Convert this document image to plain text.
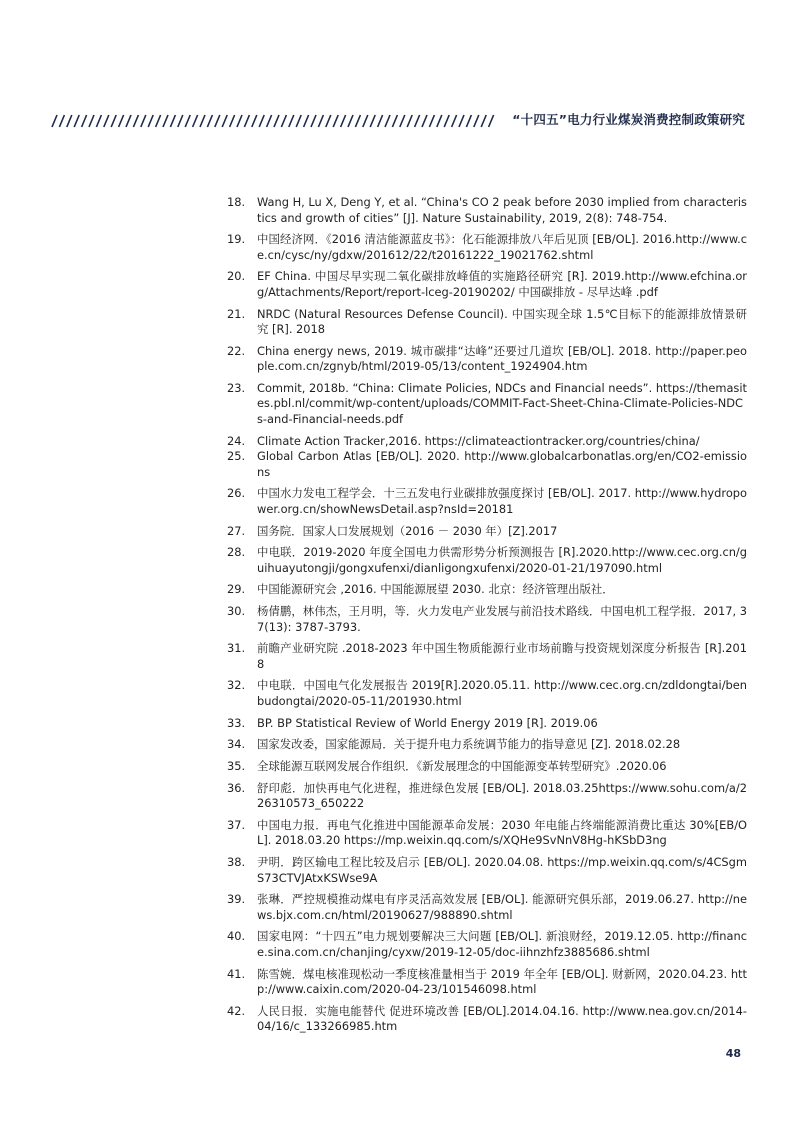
“十四五”电力行业煤炭消费控制政策研究
18.	Wang H, Lu X, Deng Y, et al. “China's CO 2 peak before 2030 implied from characteristics and growth of cities” [J]. Nature Sustainability, 2019, 2(8): 748-754.
19.	中国经济网．《2016 清洁能源蓝皮书》：化石能源排放八年后见顶 [EB/OL]. 2016.http://www.ce.cn/cysc/ny/gdxw/201612/22/t20161222_19021762.shtml
20.	EF China. 中国尽早实现二氧化碳排放峰值的实施路径研究 [R]. 2019.http://www.efchina.org/Attachments/Report/report-lceg-20190202/ 中国碳排放 - 尽早达峰 .pdf
21.	NRDC (Natural Resources Defense Council). 中国实现全球 1.5℃目标下的能源排放情景研究 [R]. 2018
22.	China energy news, 2019. 城市碳排“达峰”还要过几道坎 [EB/OL]. 2018. http://paper.people.com.cn/zgnyb/html/2019-05/13/content_1924904.htm
23.	Commit, 2018b. “China: Climate Policies, NDCs and Financial needs”. https://themasites.pbl.nl/commit/wp-content/uploads/COMMIT-Fact-Sheet-China-Climate-Policies-NDCs-and-Financial-needs.pdf
24.	Climate Action Tracker,2016. https://climateactiontracker.org/countries/china/
25.	Global Carbon Atlas [EB/OL]. 2020. http://www.globalcarbonatlas.org/en/CO2-emissions
26.	中国水力发电工程学会．十三五发电行业碳排放强度探讨 [EB/OL]. 2017. http://www.hydropower.org.cn/showNewsDetail.asp?nsId=20181
27.	国务院．国家人口发展规划（2016 － 2030 年）[Z].2017
28.	中电联．2019-2020 年度全国电力供需形势分析预测报告 [R].2020.http://www.cec.org.cn/guihuayutongji/gongxufenxi/dianligongxufenxi/2020-01-21/197090.html
29.	中国能源研究会 ,2016. 中国能源展望 2030. 北京：经济管理出版社．
30.	杨倩鹏，林伟杰，王月明，等．火力发电产业发展与前沿技术路线．中国电机工程学报．2017, 37(13): 3787-3793.
31.	前瞻产业研究院 .2018-2023 年中国生物质能源行业市场前瞻与投资规划深度分析报告 [R].2018
32.	中电联．中国电气化发展报告 2019[R].2020.05.11. http://www.cec.org.cn/zdldongtai/benbudongtai/2020-05-11/201930.html
33.	BP. BP Statistical Review of World Energy 2019 [R]. 2019.06
34.	国家发改委，国家能源局．关于提升电力系统调节能力的指导意见 [Z]. 2018.02.28
35.	全球能源互联网发展合作组织．《新发展理念的中国能源变革转型研究》.2020.06
36.	舒印彪．加快再电气化进程，推进绿色发展 [EB/OL]. 2018.03.25https://www.sohu.com/a/226310573_650222
37.	中国电力报．再电气化推进中国能源革命发展：2030 年电能占终端能源消费比重达 30%[EB/OL]. 2018.03.20 https://mp.weixin.qq.com/s/XQHe9SvNnV8Hg-hKSbD3ng
38.	尹明．跨区输电工程比较及启示 [EB/OL]. 2020.04.08. https://mp.weixin.qq.com/s/4CSgmS73CTVJAtxKSWse9A
39.	张琳．严控规模推动煤电有序灵活高效发展 [EB/OL]. 能源研究俱乐部，2019.06.27. http://news.bjx.com.cn/html/20190627/988890.shtml
40.	国家电网：“十四五”电力规划要解决三大问题 [EB/OL]. 新浪财经，2019.12.05. http://finance.sina.com.cn/chanjing/cyxw/2019-12-05/doc-iihnzhfz3885686.shtml
41.	陈雪婉．煤电核准现松动一季度核准量相当于 2019 年全年 [EB/OL]. 财新网，2020.04.23. http://www.caixin.com/2020-04-23/101546098.html
42.	人民日报．实施电能替代 促进环境改善 [EB/OL].2014.04.16. http://www.nea.gov.cn/2014-04/16/c_133266985.htm
48
